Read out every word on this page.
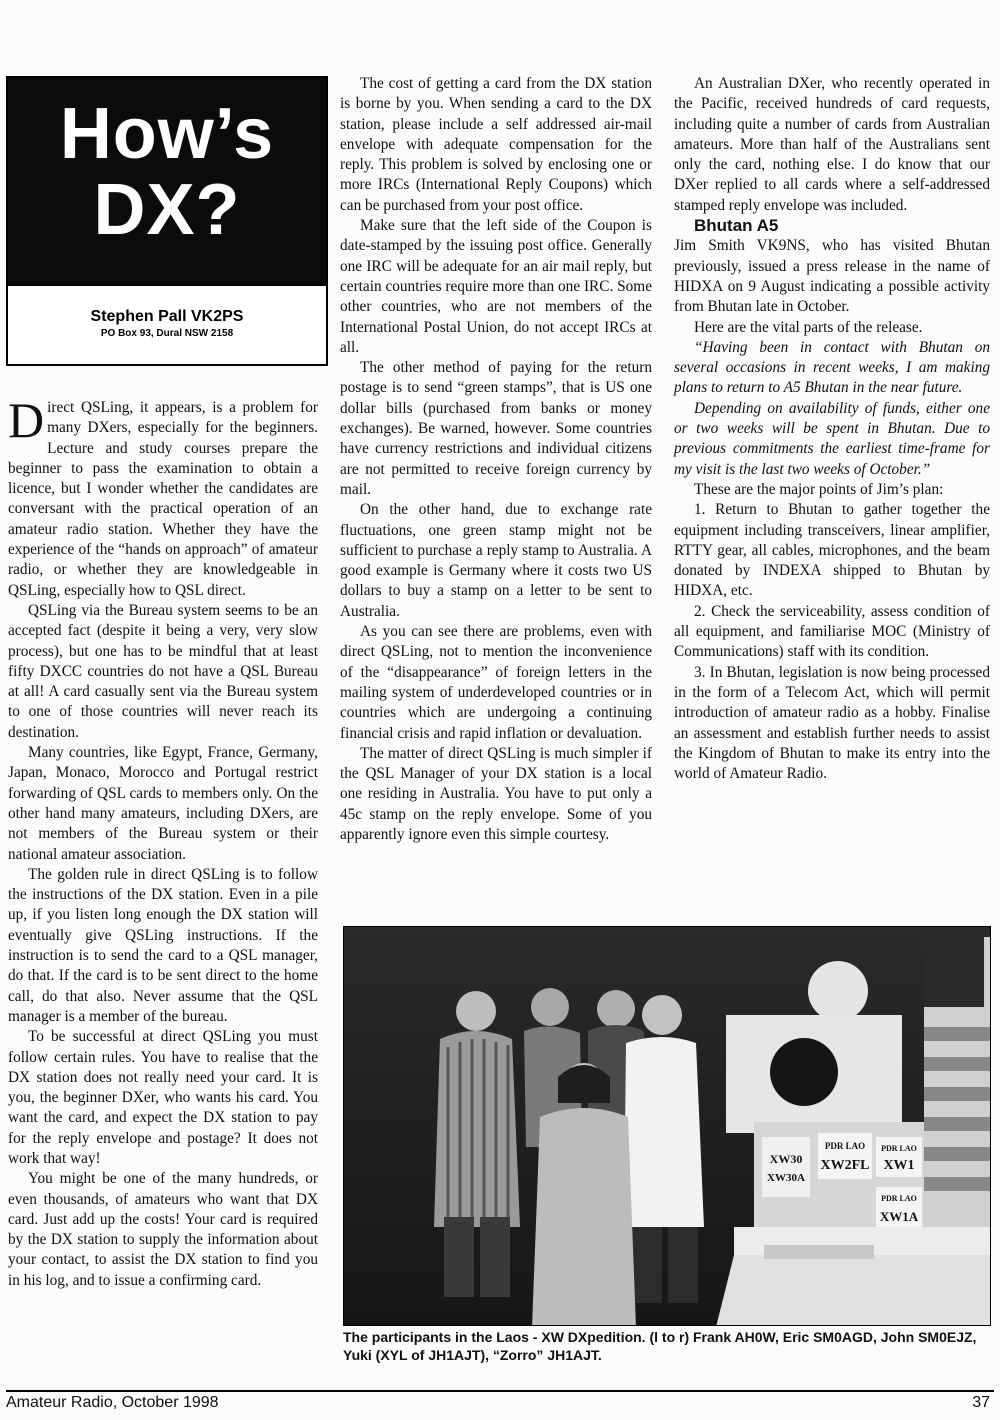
How’s
DX?
Stephen Pall VK2PS
PO Box 93, Dural NSW 2158

Direct QSLing, it appears, is a problem for many DXers, especially for the beginners. Lecture and study courses prepare the beginner to pass the examination to obtain a licence, but I wonder whether the candidates are conversant with the practical operation of an amateur radio station. Whether they have the experience of the “hands on approach” of amateur radio, or whether they are knowledgeable in QSLing, especially how to QSL direct.

QSLing via the Bureau system seems to be an accepted fact (despite it being a very, very slow process), but one has to be mindful that at least fifty DXCC countries do not have a QSL Bureau at all! A card casually sent via the Bureau system to one of those countries will never reach its destination.

Many countries, like Egypt, France, Germany, Japan, Monaco, Morocco and Portugal restrict forwarding of QSL cards to members only. On the other hand many amateurs, including DXers, are not members of the Bureau system or their national amateur association.

The golden rule in direct QSLing is to follow the instructions of the DX station. Even in a pile up, if you listen long enough the DX station will eventually give QSLing instructions. If the instruction is to send the card to a QSL manager, do that. If the card is to be sent direct to the home call, do that also. Never assume that the QSL manager is a member of the bureau.

To be successful at direct QSLing you must follow certain rules. You have to realise that the DX station does not really need your card. It is you, the beginner DXer, who wants his card. You want the card, and expect the DX station to pay for the reply envelope and postage? It does not work that way!

You might be one of the many hundreds, or even thousands, of amateurs who want that DX card. Just add up the costs! Your card is required by the DX station to supply the information about your contact, to assist the DX station to find you in his log, and to issue a confirming card.

The cost of getting a card from the DX station is borne by you. When sending a card to the DX station, please include a self addressed air-mail envelope with adequate compensation for the reply. This problem is solved by enclosing one or more IRCs (International Reply Coupons) which can be purchased from your post office.

Make sure that the left side of the Coupon is date-stamped by the issuing post office. Generally one IRC will be adequate for an air mail reply, but certain countries require more than one IRC. Some other countries, who are not members of the International Postal Union, do not accept IRCs at all.

The other method of paying for the return postage is to send “green stamps”, that is US one dollar bills (purchased from banks or money exchanges). Be warned, however. Some countries have currency restrictions and individual citizens are not permitted to receive foreign currency by mail.

On the other hand, due to exchange rate fluctuations, one green stamp might not be sufficient to purchase a reply stamp to Australia. A good example is Germany where it costs two US dollars to buy a stamp on a letter to be sent to Australia.

As you can see there are problems, even with direct QSLing, not to mention the inconvenience of the “disappearance” of foreign letters in the mailing system of underdeveloped countries or in countries which are undergoing a continuing financial crisis and rapid inflation or devaluation.

The matter of direct QSLing is much simpler if the QSL Manager of your DX station is a local one residing in Australia. You have to put only a 45c stamp on the reply envelope. Some of you apparently ignore even this simple courtesy.

An Australian DXer, who recently operated in the Pacific, received hundreds of card requests, including quite a number of cards from Australian amateurs. More than half of the Australians sent only the card, nothing else. I do know that our DXer replied to all cards where a self-addressed stamped reply envelope was included.

Bhutan A5

Jim Smith VK9NS, who has visited Bhutan previously, issued a press release in the name of HIDXA on 9 August indicating a possible activity from Bhutan late in October.

Here are the vital parts of the release.

“Having been in contact with Bhutan on several occasions in recent weeks, I am making plans to return to A5 Bhutan in the near future.

Depending on availability of funds, either one or two weeks will be spent in Bhutan. Due to previous commitments the earliest time-frame for my visit is the last two weeks of October.”

These are the major points of Jim’s plan:

1. Return to Bhutan to gather together the equipment including transceivers, linear amplifier, RTTY gear, all cables, microphones, and the beam donated by INDEXA shipped to Bhutan by HIDXA, etc.

2. Check the serviceability, assess condition of all equipment, and familiarise MOC (Ministry of Communications) staff with its condition.

3. In Bhutan, legislation is now being processed in the form of a Telecom Act, which will permit introduction of amateur radio as a hobby. Finalise an assessment and establish further needs to assist the Kingdom of Bhutan to make its entry into the world of Amateur Radio.

XW30
XW30A
PDR LAO
XW2FL
PDR LAO
XW1
PDR LAO
XW1A
The participants in the Laos - XW DXpedition. (l to r) Frank AH0W, Eric SM0AGD, John SM0EJZ, Yuki (XYL of JH1AJT), “Zorro” JH1AJT.
Amateur Radio, October 1998	37
